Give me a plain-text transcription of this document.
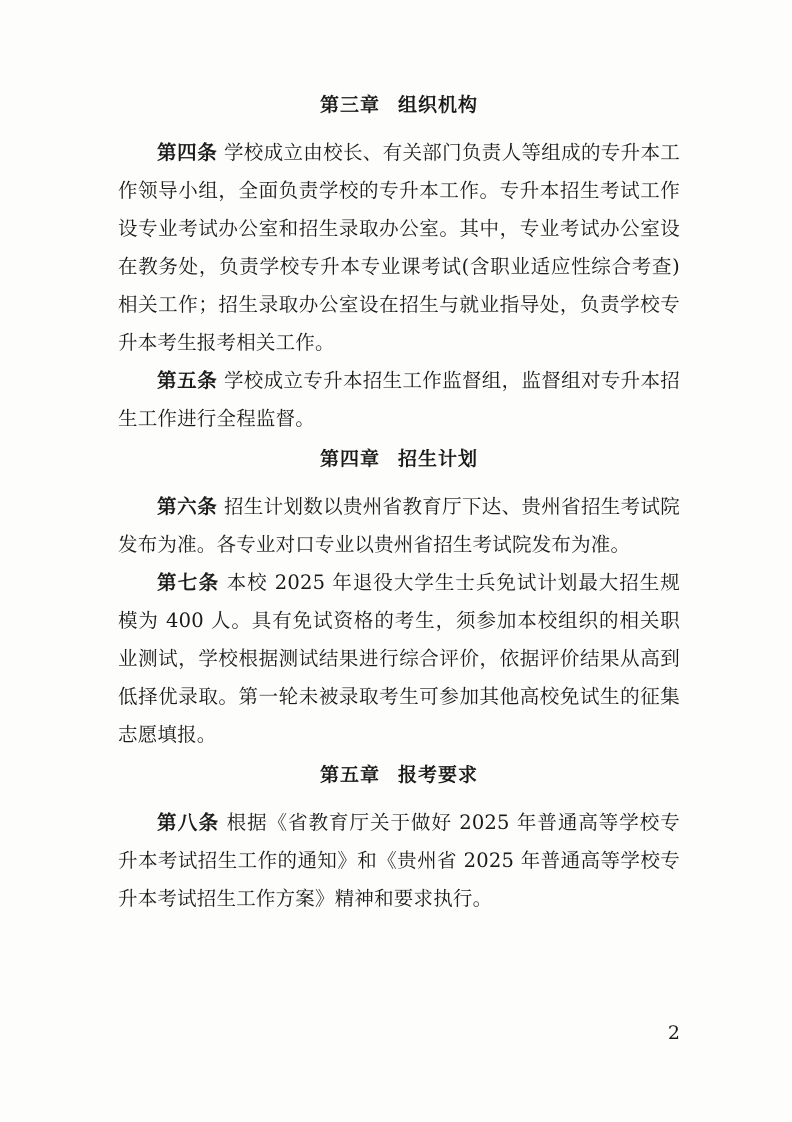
第三章 组织机构

第四条 学校成立由校长、有关部门负责人等组成的专升本工作领导小组，全面负责学校的专升本工作。专升本招生考试工作设专业考试办公室和招生录取办公室。其中，专业考试办公室设在教务处，负责学校专升本专业课考试(含职业适应性综合考查)相关工作；招生录取办公室设在招生与就业指导处，负责学校专升本考生报考相关工作。

第五条 学校成立专升本招生工作监督组，监督组对专升本招生工作进行全程监督。

第四章 招生计划

第六条 招生计划数以贵州省教育厅下达、贵州省招生考试院发布为准。各专业对口专业以贵州省招生考试院发布为准。

第七条 本校 2025 年退役大学生士兵免试计划最大招生规模为 400 人。具有免试资格的考生，须参加本校组织的相关职业测试，学校根据测试结果进行综合评价，依据评价结果从高到低择优录取。第一轮未被录取考生可参加其他高校免试生的征集志愿填报。

第五章 报考要求

第八条 根据《省教育厅关于做好 2025 年普通高等学校专升本考试招生工作的通知》和《贵州省 2025 年普通高等学校专升本考试招生工作方案》精神和要求执行。

2
